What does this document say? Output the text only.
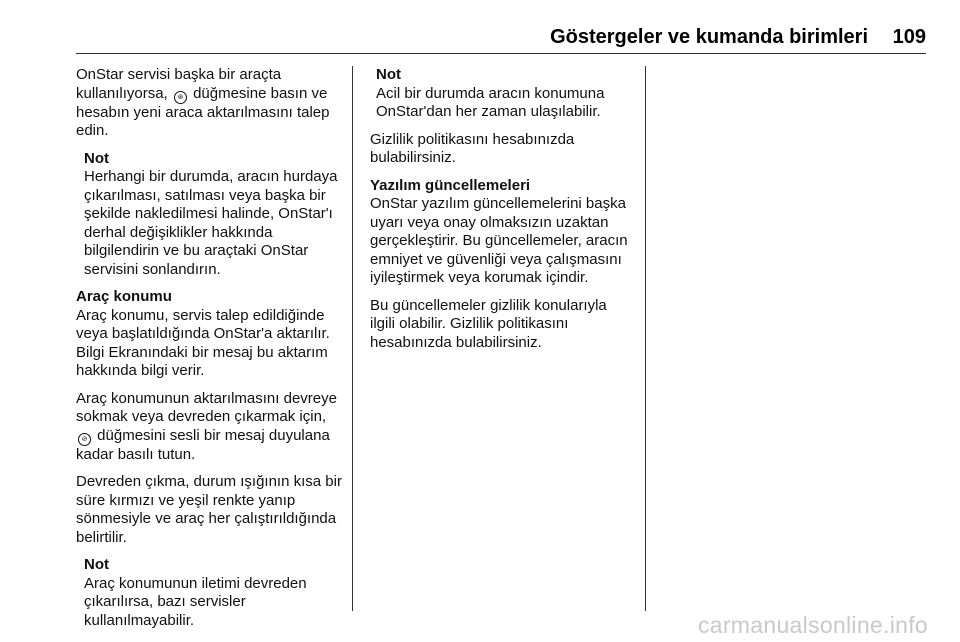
Göstergeler ve kumanda birimleri 109

OnStar servisi başka bir araçta kullanılıyorsa, ⊛ düğmesine basın ve hesabın yeni araca aktarılmasını talep edin.

Not
Herhangi bir durumda, aracın hurdaya çıkarılması, satılması veya başka bir şekilde nakledilmesi halinde, OnStar'ı derhal değişiklikler hakkında bilgilendirin ve bu araçtaki OnStar servisini sonlandırın.
Araç konumu

Araç konumu, servis talep edildiğinde veya başlatıldığında OnStar'a aktarılır. Bilgi Ekranındaki bir mesaj bu aktarım hakkında bilgi verir.

Araç konumunun aktarılmasını devreye sokmak veya devreden çıkarmak için, ⊘ düğmesini sesli bir mesaj duyulana kadar basılı tutun.

Devreden çıkma, durum ışığının kısa bir süre kırmızı ve yeşil renkte yanıp sönmesiyle ve araç her çalıştırıldığında belirtilir.

Not
Araç konumunun iletimi devreden çıkarılırsa, bazı servisler kullanılmayabilir.
Not
Acil bir durumda aracın konumuna OnStar'dan her zaman ulaşılabilir.

Gizlilik politikasını hesabınızda bulabilirsiniz.

Yazılım güncellemeleri

OnStar yazılım güncellemelerini başka uyarı veya onay olmaksızın uzaktan gerçekleştirir. Bu güncellemeler, aracın emniyet ve güvenliği veya çalışmasını iyileştirmek veya korumak içindir.

Bu güncellemeler gizlilik konularıyla ilgili olabilir. Gizlilik politikasını hesabınızda bulabilirsiniz.

carmanualsonline.info
